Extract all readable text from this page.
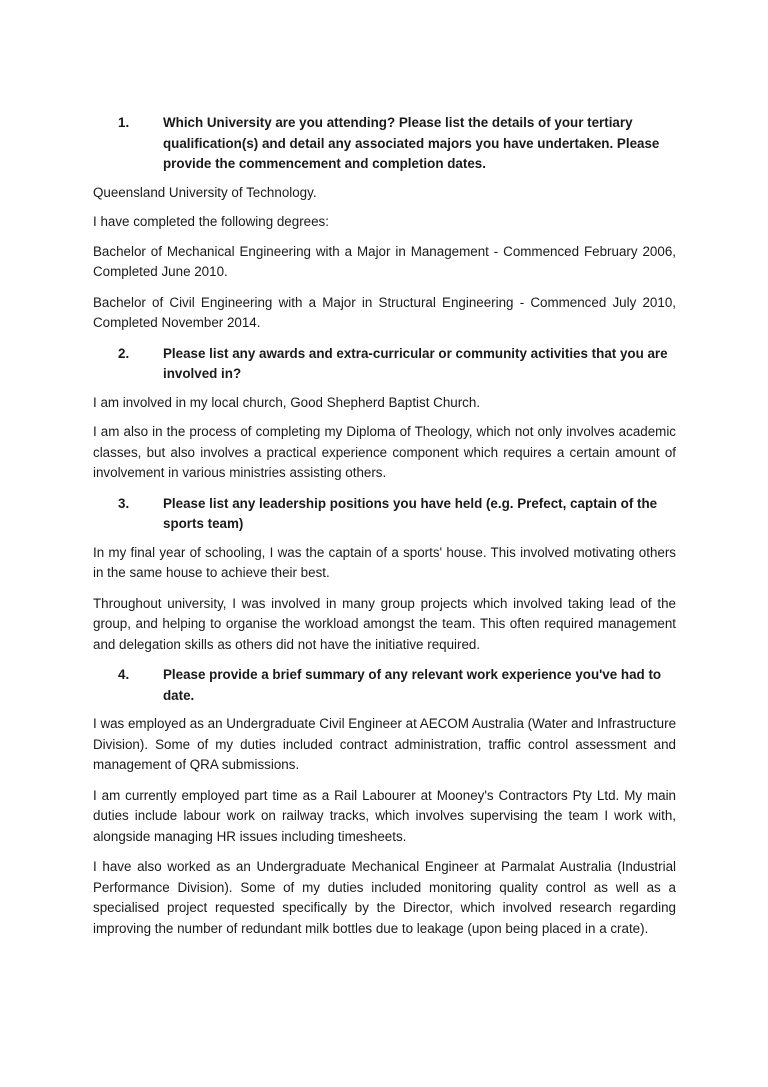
1.	Which University are you attending? Please list the details of your tertiary qualification(s) and detail any associated majors you have undertaken. Please provide the commencement and completion dates.

Queensland University of Technology.

I have completed the following degrees:

Bachelor of Mechanical Engineering with a Major in Management - Commenced February 2006, Completed June 2010.

Bachelor of Civil Engineering with a Major in Structural Engineering - Commenced July 2010, Completed November 2014.

2.	Please list any awards and extra-curricular or community activities that you are involved in?

I am involved in my local church, Good Shepherd Baptist Church.

I am also in the process of completing my Diploma of Theology, which not only involves academic classes, but also involves a practical experience component which requires a certain amount of involvement in various ministries assisting others.

3.	Please list any leadership positions you have held (e.g. Prefect, captain of the sports team)

In my final year of schooling, I was the captain of a sports' house. This involved motivating others in the same house to achieve their best.

Throughout university, I was involved in many group projects which involved taking lead of the group, and helping to organise the workload amongst the team. This often required management and delegation skills as others did not have the initiative required.

4.	Please provide a brief summary of any relevant work experience you've had to date.

I was employed as an Undergraduate Civil Engineer at AECOM Australia (Water and Infrastructure Division). Some of my duties included contract administration, traffic control assessment and management of QRA submissions.

I am currently employed part time as a Rail Labourer at Mooney's Contractors Pty Ltd. My main duties include labour work on railway tracks, which involves supervising the team I work with, alongside managing HR issues including timesheets.

I have also worked as an Undergraduate Mechanical Engineer at Parmalat Australia (Industrial Performance Division). Some of my duties included monitoring quality control as well as a specialised project requested specifically by the Director, which involved research regarding improving the number of redundant milk bottles due to leakage (upon being placed in a crate).
